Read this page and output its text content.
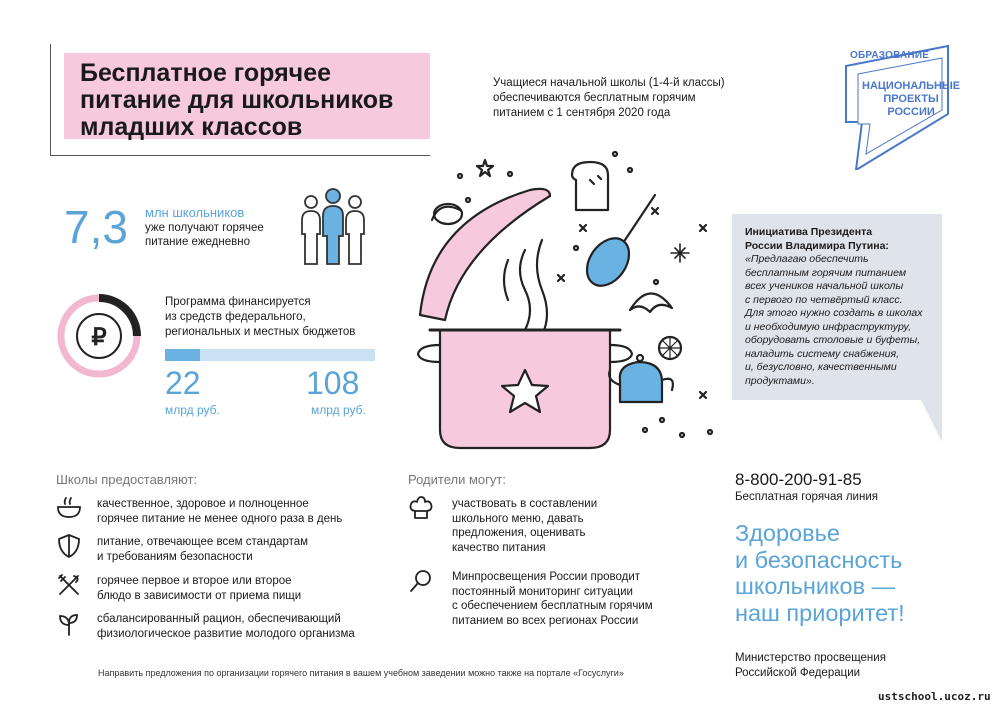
Бесплатное горячее
питание для школьников
младших классов
Учащиеся начальной школы (1-4-й классы)
обеспечиваются бесплатным горячим
питанием с 1 сентября 2020 года
ОБРАЗОВАНИЕ
НАЦИОНАЛЬНЫЕ
ПРОЕКТЫ
РОССИИ
7,3 млн школьников
уже получают горячее
питание ежедневно
₽
Программа финансируется
из средств федерального,
региональных и местных бюджетов
22
млрд руб.
108
млрд руб.
Инициатива Президента
России Владимира Путина:
«Предлагаю обеспечить
бесплатным горячим питанием
всех учеников начальной школы
с первого по четвёртый класс.
Для этого нужно создать в школах
и необходимую инфраструктуру,
оборудовать столовые и буфеты,
наладить систему снабжения,
и, безусловно, качественными
продуктами».
Школы предоставляют:
качественное, здоровое и полноценное
горячее питание не менее одного раза в день
питание, отвечающее всем стандартам
и требованиям безопасности
горячее первое и второе или второе
блюдо в зависимости от приема пищи
сбалансированный рацион, обеспечивающий
физиологическое развитие молодого организма
Родители могут:
участвовать в составлении
школьного меню, давать
предложения, оценивать
качество питания
Минпросвещения России проводит
постоянный мониторинг ситуации
с обеспечением бесплатным горячим
питанием во всех регионах России
8-800-200-91-85
Бесплатная горячая линия
Здоровье
и безопасность
школьников —
наш приоритет!
Министерство просвещения
Российской Федерации
Направить предложения по организации горячего питания в вашем учебном заведении можно также на портале «Госуслуги»
ustschool.ucoz.ru
